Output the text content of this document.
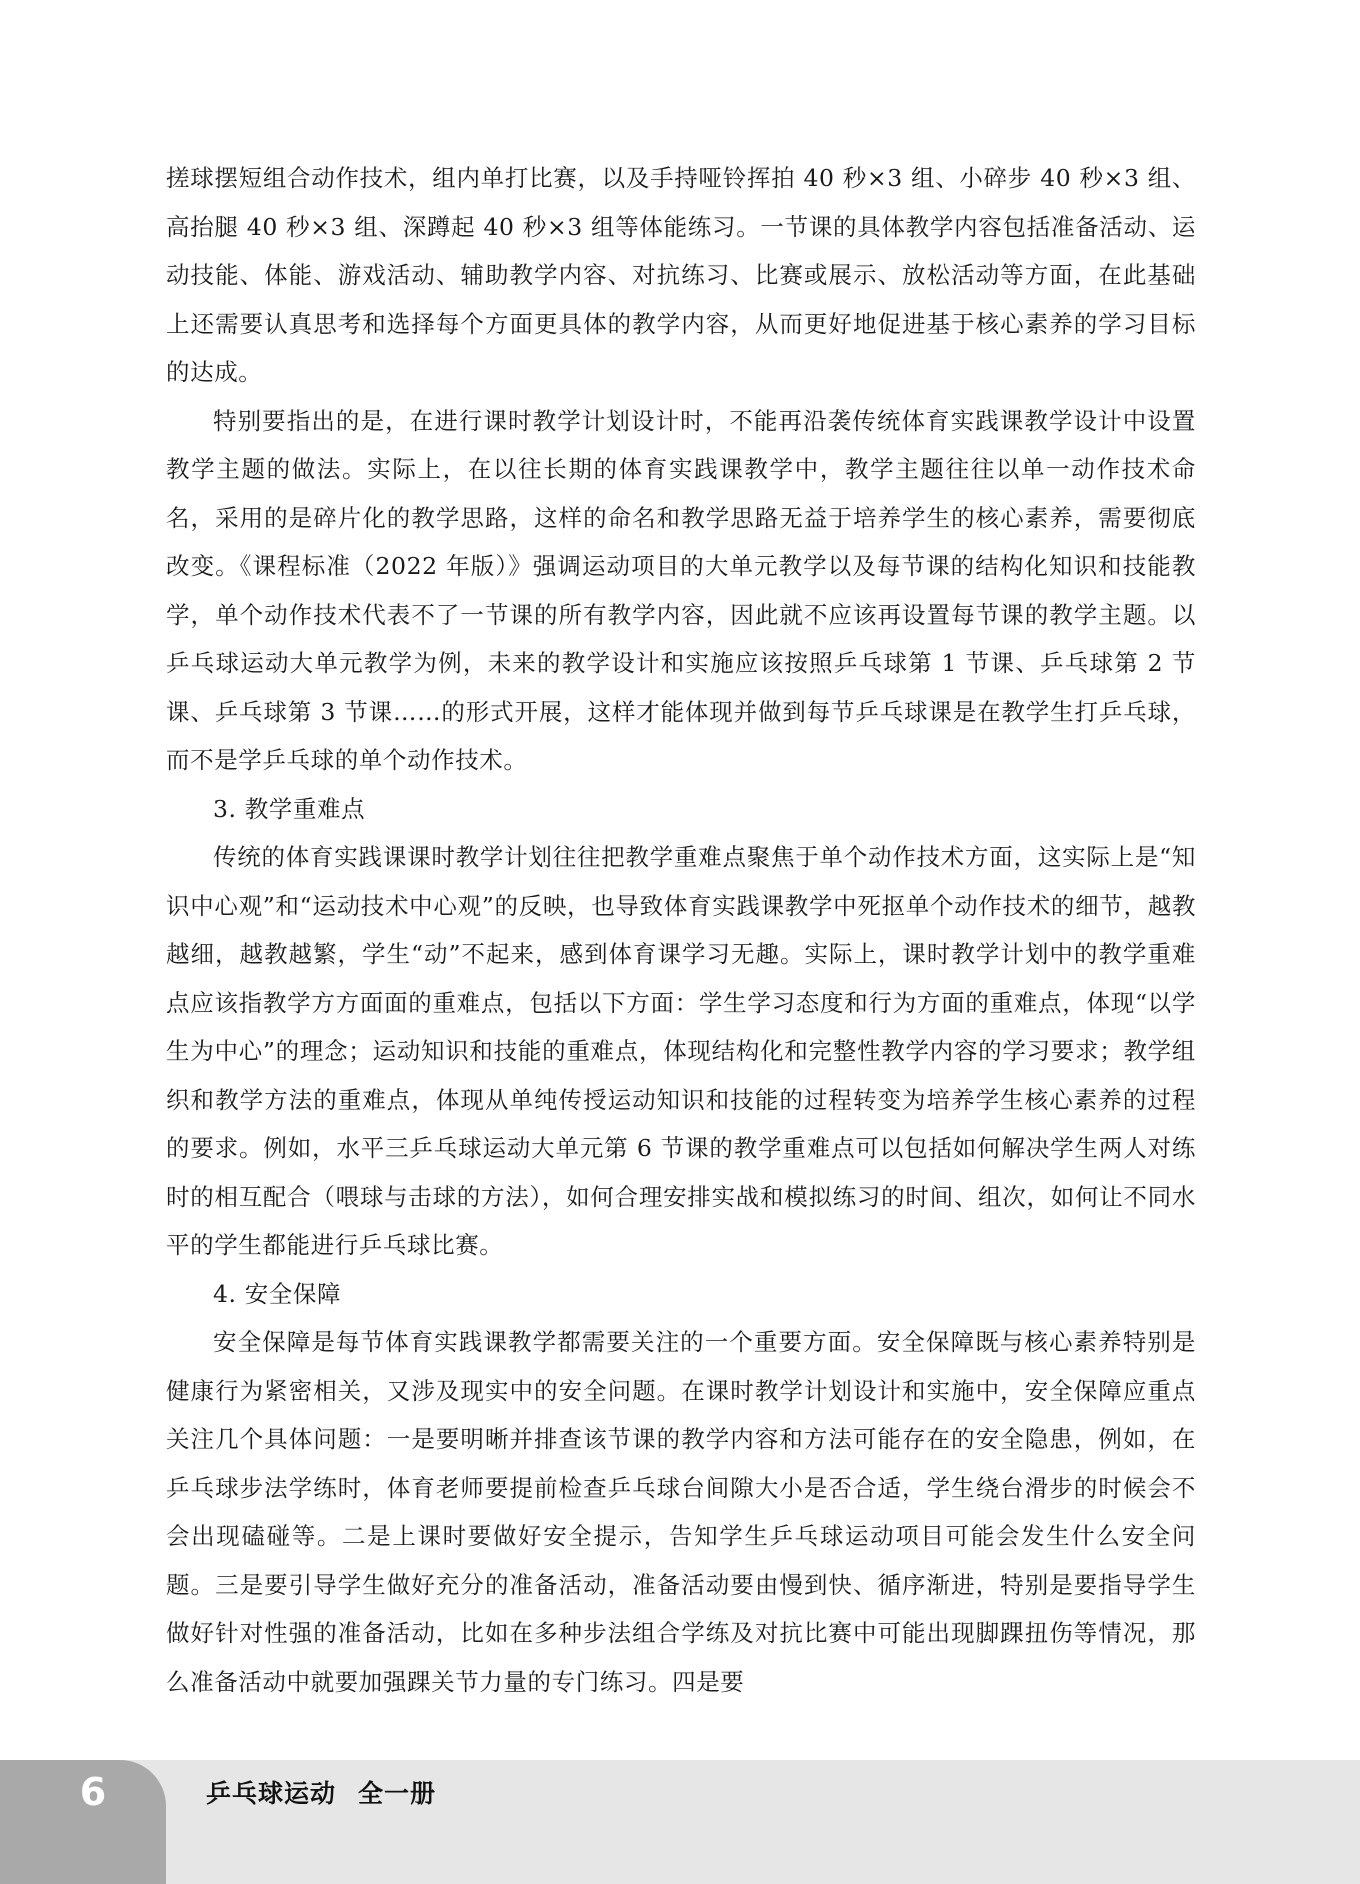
搓球摆短组合动作技术，组内单打比赛，以及手持哑铃挥拍 40 秒×3 组、小碎步 40 秒×3 组、高抬腿 40 秒×3 组、深蹲起 40 秒×3 组等体能练习。一节课的具体教学内容包括准备活动、运动技能、体能、游戏活动、辅助教学内容、对抗练习、比赛或展示、放松活动等方面，在此基础上还需要认真思考和选择每个方面更具体的教学内容，从而更好地促进基于核心素养的学习目标的达成。

特别要指出的是，在进行课时教学计划设计时，不能再沿袭传统体育实践课教学设计中设置教学主题的做法。实际上，在以往长期的体育实践课教学中，教学主题往往以单一动作技术命名，采用的是碎片化的教学思路，这样的命名和教学思路无益于培养学生的核心素养，需要彻底改变。《课程标准（2022 年版）》强调运动项目的大单元教学以及每节课的结构化知识和技能教学，单个动作技术代表不了一节课的所有教学内容，因此就不应该再设置每节课的教学主题。以乒乓球运动大单元教学为例，未来的教学设计和实施应该按照乒乓球第 1 节课、乒乓球第 2 节课、乒乓球第 3 节课……的形式开展，这样才能体现并做到每节乒乓球课是在教学生打乒乓球，而不是学乒乓球的单个动作技术。

3. 教学重难点

传统的体育实践课课时教学计划往往把教学重难点聚焦于单个动作技术方面，这实际上是“知识中心观”和“运动技术中心观”的反映，也导致体育实践课教学中死抠单个动作技术的细节，越教越细，越教越繁，学生“动”不起来，感到体育课学习无趣。实际上，课时教学计划中的教学重难点应该指教学方方面面的重难点，包括以下方面：学生学习态度和行为方面的重难点，体现“以学生为中心”的理念；运动知识和技能的重难点，体现结构化和完整性教学内容的学习要求；教学组织和教学方法的重难点，体现从单纯传授运动知识和技能的过程转变为培养学生核心素养的过程的要求。例如，水平三乒乓球运动大单元第 6 节课的教学重难点可以包括如何解决学生两人对练时的相互配合（喂球与击球的方法），如何合理安排实战和模拟练习的时间、组次，如何让不同水平的学生都能进行乒乓球比赛。

4. 安全保障

安全保障是每节体育实践课教学都需要关注的一个重要方面。安全保障既与核心素养特别是健康行为紧密相关，又涉及现实中的安全问题。在课时教学计划设计和实施中，安全保障应重点关注几个具体问题：一是要明晰并排查该节课的教学内容和方法可能存在的安全隐患，例如，在乒乓球步法学练时，体育老师要提前检查乒乓球台间隙大小是否合适，学生绕台滑步的时候会不会出现磕碰等。二是上课时要做好安全提示，告知学生乒乓球运动项目可能会发生什么安全问题。三是要引导学生做好充分的准备活动，准备活动要由慢到快、循序渐进，特别是要指导学生做好针对性强的准备活动，比如在多种步法组合学练及对抗比赛中可能出现脚踝扭伤等情况，那么准备活动中就要加强踝关节力量的专门练习。四是要

6	乒乓球运动 全一册
